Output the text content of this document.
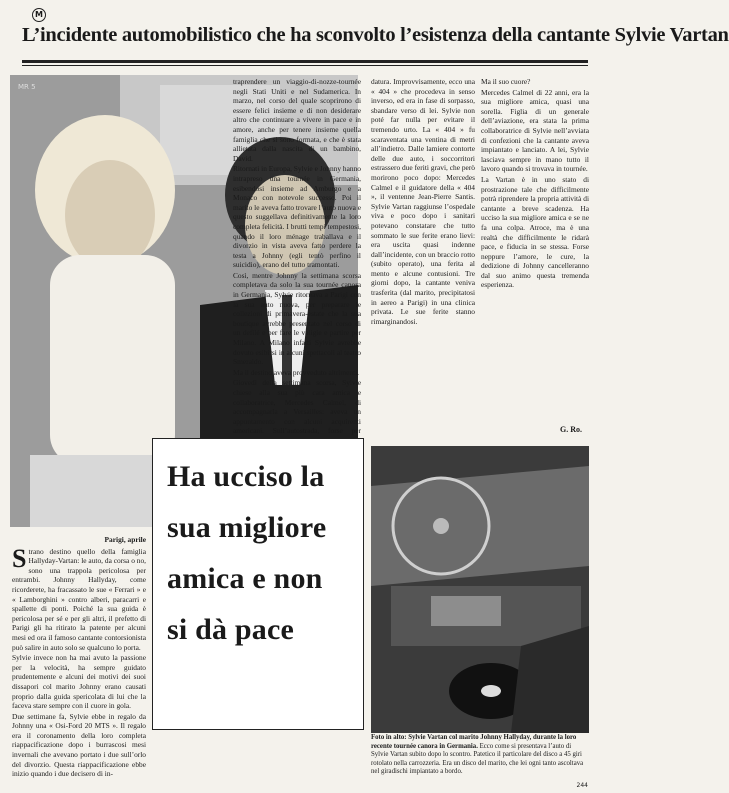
M
L’incidente automobilistico che ha sconvolto l’esistenza della cantante Sylvie Vartan
MR 5

traprendere un viaggio-di-nozze-tournée negli Stati Uniti e nel Sudamerica. In marzo, nel corso del quale scoprirono di essere felici insieme e di non desiderare altro che continuare a vivere in pace e in amore, anche per tenere insieme quella famiglia che si sono formata, e che è stata allietata dalla nascita di un bambino, David.

Ritornati in Europa, Sylvie e Johnny hanno intrapreso una tournée in Germania, esibendosi insieme ad Amburgo e a Monaco con notevole successo. Poi il marito le aveva fatto trovare l’auto nuova e questo suggellava definitivamente la loro completa felicità. I brutti tempi tempestosi, quando il loro ménage traballava e il divorzio in vista aveva fatto perdere la testa a Johnny (egli tentò perfino il suicidio), erano del tutto tramontati.

Così, mentre Johnny la settimana scorsa completava da solo la sua tournée canora in Germania, Sylvie ritornava a Parigi con la sua auto nuova, per preparare le collezioni di primavera-estate che la sua boutique avrebbe presentato nel corso di un defilé e per fare le valigie e partire per Milano. A Milano infatti Sylvie avrebbe dovuto esibirsi in alcuni spettacoli al teatro Smeraldo.

Ma il destino aveva provveduto altrimenti.

Giovedì della settimana scorsa, Sylvie chiese alla sua più cara amica e collaboratrice, Mercedes Calmel, di accompagnarla a Versailles: aveva un appuntamento con alcuni acquirenti americani. Sull’autostrada, forse per

datura. Improvvisamente, ecco una « 404 » che procedeva in senso inverso, ed era in fase di sorpasso, sbandare verso di lei. Sylvie non poté far nulla per evitare il tremendo urto. La « 404 » fu scaraventata una ventina di metri all’indietro. Dalle lamiere contorte delle due auto, i soccorritori estrassero due feriti gravi, che però morirono poco dopo: Mercedes Calmel e il guidatore della « 404 », il ventenne Jean-Pierre Santis. Sylvie Vartan raggiunse l’ospedale viva e poco dopo i sanitari potevano constatare che tutto sommato le sue ferite erano lievi: era uscita quasi indenne dall’incidente, con un braccio rotto (subito operato), una ferita al mento e alcune contusioni. Tre giorni dopo, la cantante veniva trasferita (dal marito, precipitatosi in aereo a Parigi) in una clinica privata. Le sue ferite stanno rimarginandosi.

Ma il suo cuore?

Mercedes Calmel di 22 anni, era la sua migliore amica, quasi una sorella. Figlia di un generale dell’aviazione, era stata la prima collaboratrice di Sylvie nell’avviata di confezioni che la cantante aveva impiantato e lanciato. A lei, Sylvie lasciava sempre in mano tutto il lavoro quando si trovava in tournée.

La Vartan è in uno stato di prostrazione tale che difficilmente potrà riprendere la propria attività di cantante a breve scadenza. Ha ucciso la sua migliore amica e se ne fa una colpa. Atroce, ma è una realtà che difficilmente le ridarà pace, e fiducia in se stessa. Forse neppure l’amore, le cure, la dedizione di Johnny cancelleranno dal suo animo questa tremenda esperienza.

G. Ro.
Ha ucciso la sua migliore amica e non si dà pace
Parigi, aprile

Strano destino quello della famiglia Hallyday-Vartan: le auto, da corsa o no, sono una trappola pericolosa per entrambi. Johnny Hallyday, come ricorderete, ha fracassato le sue « Ferrari » e « Lamborghini » contro alberi, paracarri e spallette di ponti. Poiché la sua guida è pericolosa per sé e per gli altri, il prefetto di Parigi gli ha ritirato la patente per alcuni mesi ed ora il famoso cantante contorsionista può salire in auto solo se qualcuno lo porta.

Sylvie invece non ha mai avuto la passione per la velocità, ha sempre guidato prudentemente e alcuni dei motivi dei suoi dissapori col marito Johnny erano causati proprio dalla guida spericolata di lui che la faceva stare sempre con il cuore in gola.

Due settimane fa, Sylvie ebbe in regalo da Johnny una « Osi-Ford 20 MTS ». Il regalo era il coronamento della loro completa riappacificazione dopo i burrascosi mesi invernali che avevano portato i due sull’orlo del divorzio. Questa riappacificazione ebbe inizio quando i due decisero di in-

Foto in alto: Sylvie Vartan col marito Johnny Hallyday, durante la loro recente tournée canora in Germania. Ecco come si presentava l’auto di Sylvie Vartan subito dopo lo scontro. Patetico il particolare del disco a 45 giri rotolato nella carrozzeria. Era un disco del marito, che lei ogni tanto ascoltava nel giradischi impiantato a bordo.
244
